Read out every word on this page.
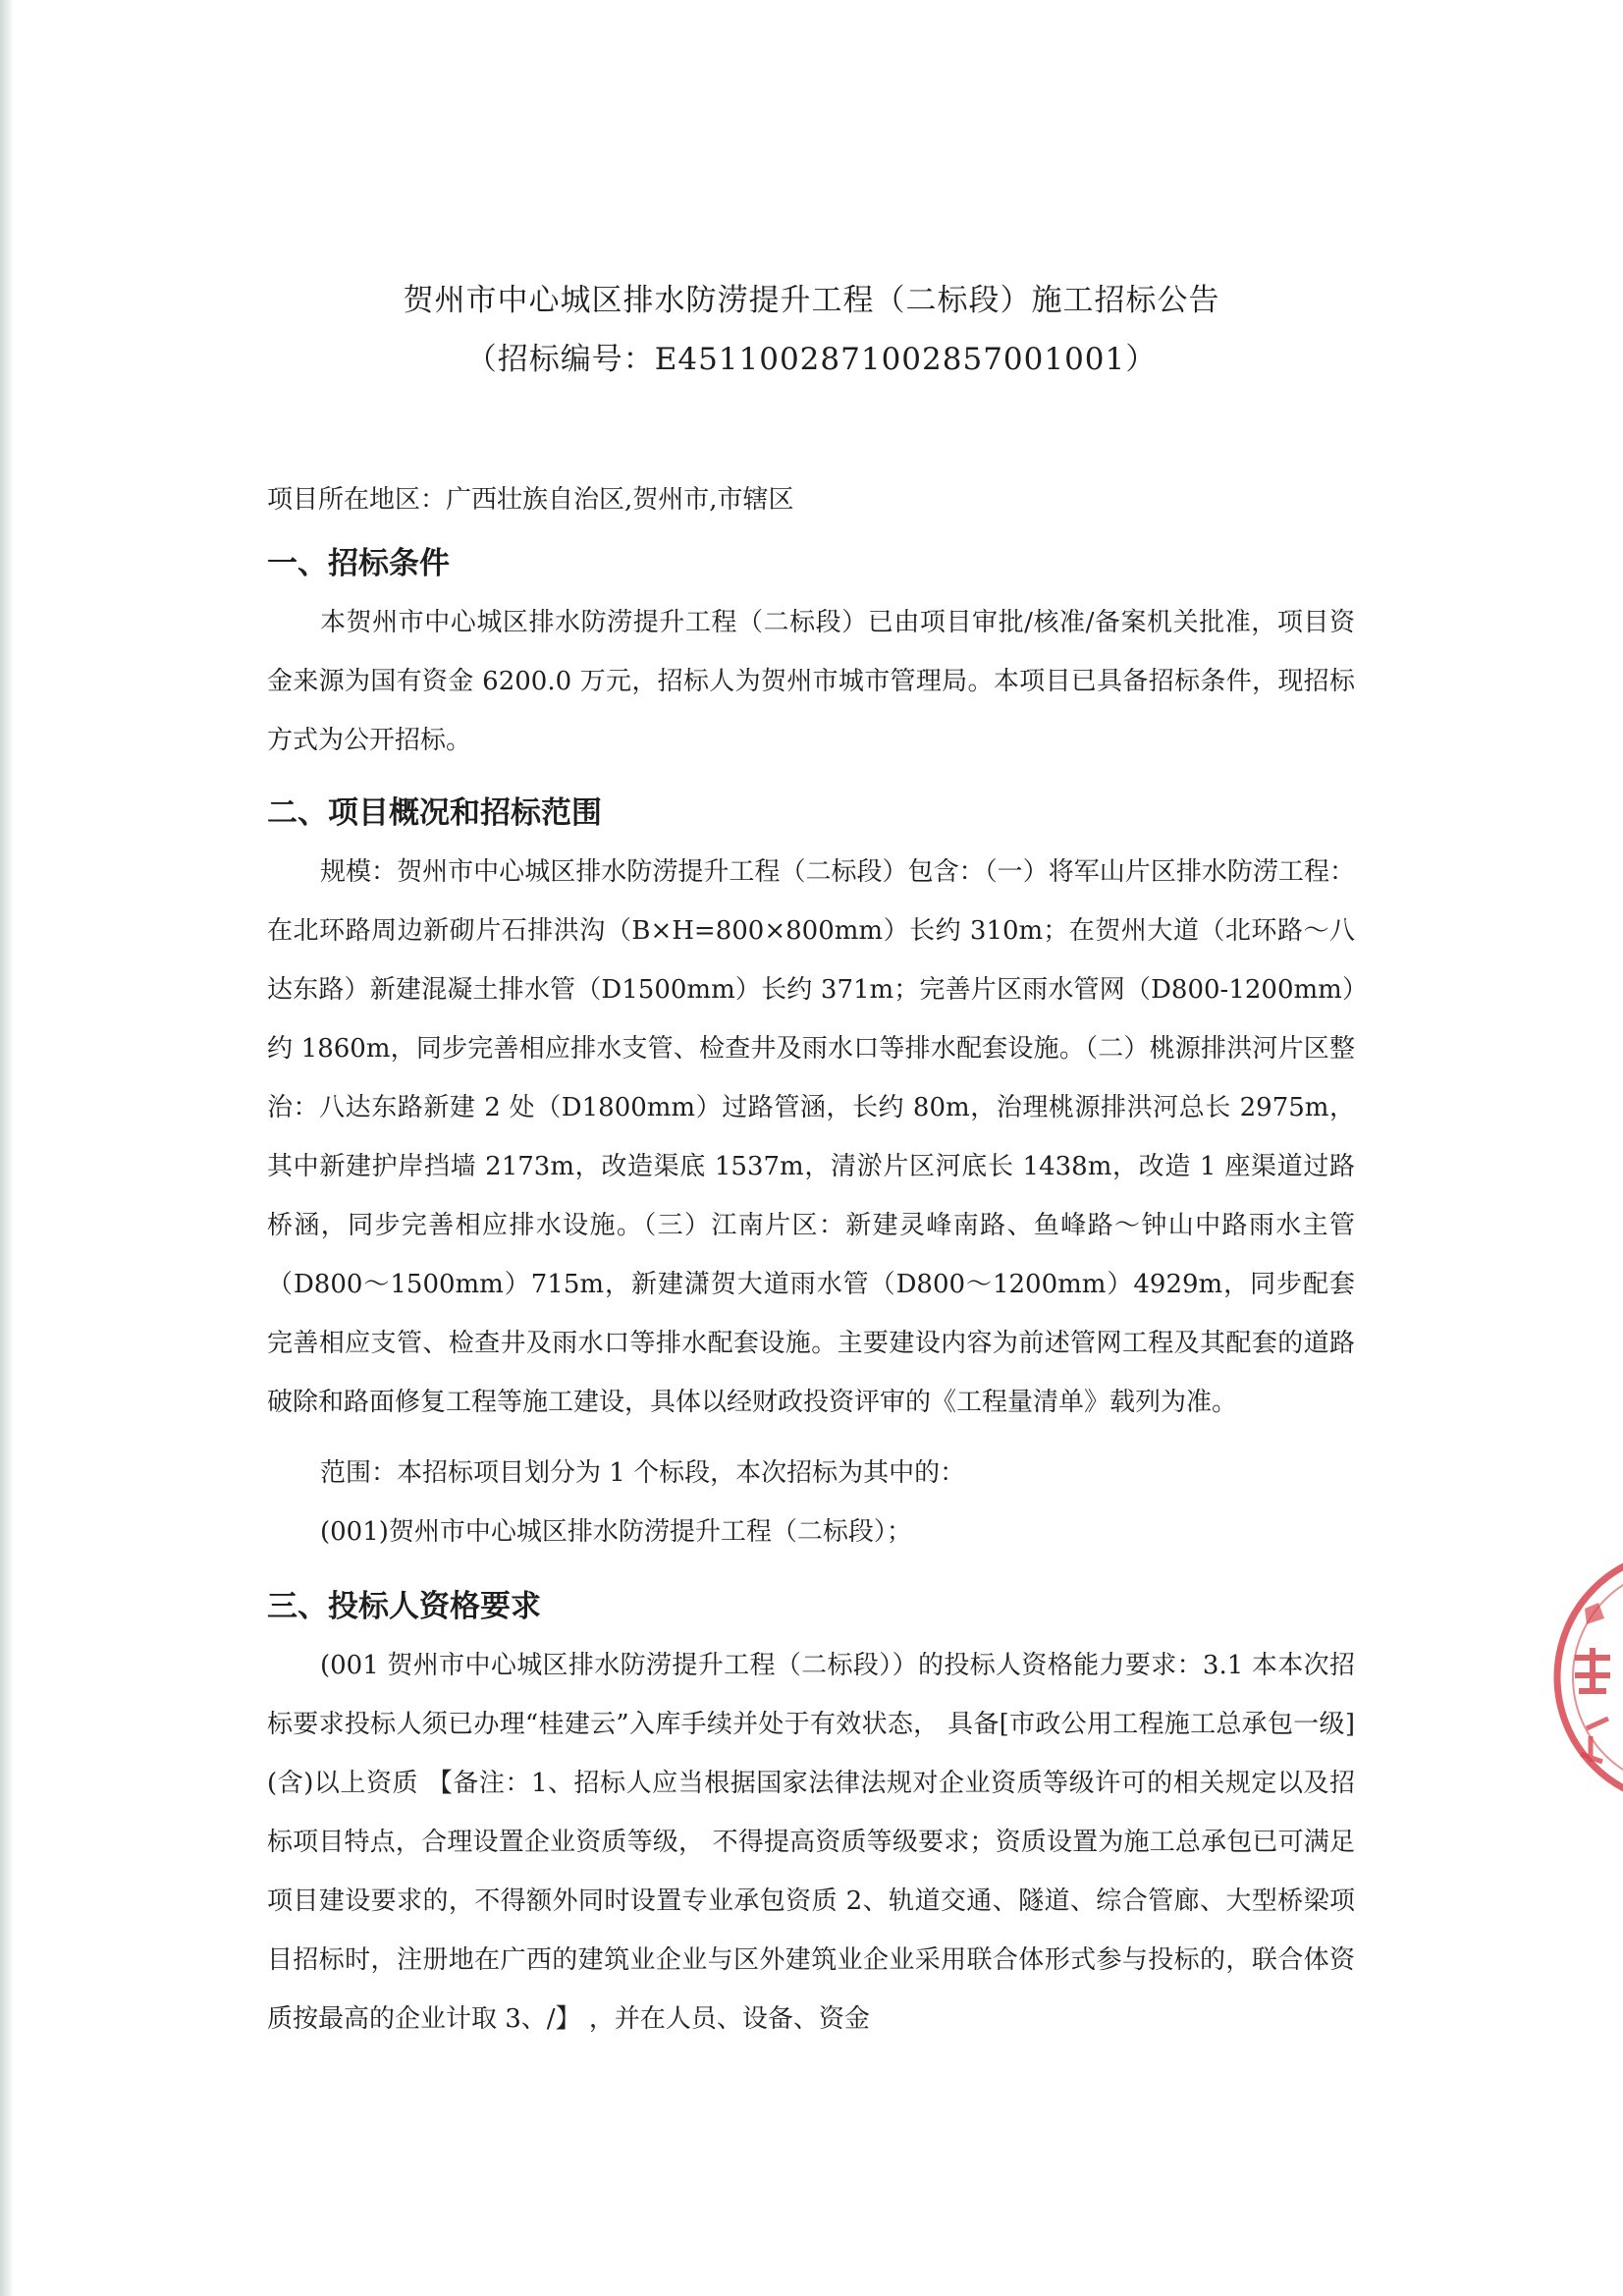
贺州市中心城区排水防涝提升工程（二标段）施工招标公告
（招标编号：E4511002871002857001001）
项目所在地区：广西壮族自治区,贺州市,市辖区
一、招标条件

本贺州市中心城区排水防涝提升工程（二标段）已由项目审批/核准/备案机关批准，项目资金来源为国有资金 6200.0 万元，招标人为贺州市城市管理局。本项目已具备招标条件，现招标方式为公开招标。

二、项目概况和招标范围

规模：贺州市中心城区排水防涝提升工程（二标段）包含：（一）将军山片区排水防涝工程：在北环路周边新砌片石排洪沟（B×H=800×800mm）长约 310m；在贺州大道（北环路～八达东路）新建混凝土排水管（D1500mm）长约 371m；完善片区雨水管网（D800-1200mm）约 1860m，同步完善相应排水支管、检查井及雨水口等排水配套设施。（二）桃源排洪河片区整治：八达东路新建 2 处（D1800mm）过路管涵，长约 80m，治理桃源排洪河总长 2975m，其中新建护岸挡墙 2173m，改造渠底 1537m，清淤片区河底长 1438m，改造 1 座渠道过路桥涵，同步完善相应排水设施。（三）江南片区：新建灵峰南路、鱼峰路～钟山中路雨水主管（D800～1500mm）715m，新建潇贺大道雨水管（D800～1200mm）4929m，同步配套完善相应支管、检查井及雨水口等排水配套设施。主要建设内容为前述管网工程及其配套的道路破除和路面修复工程等施工建设，具体以经财政投资评审的《工程量清单》载列为准。

范围：本招标项目划分为 1 个标段，本次招标为其中的：

(001)贺州市中心城区排水防涝提升工程（二标段）；

三、投标人资格要求

(001 贺州市中心城区排水防涝提升工程（二标段））的投标人资格能力要求：3.1 本本次招标要求投标人须已办理“桂建云”入库手续并处于有效状态， 具备[市政公用工程施工总承包一级](含)以上资质 【备注：1、招标人应当根据国家法律法规对企业资质等级许可的相关规定以及招标项目特点，合理设置企业资质等级， 不得提高资质等级要求；资质设置为施工总承包已可满足项目建设要求的，不得额外同时设置专业承包资质 2、轨道交通、隧道、综合管廊、大型桥梁项目招标时，注册地在广西的建筑业企业与区外建筑业企业采用联合体形式参与投标的，联合体资质按最高的企业计取 3、/】 ，并在人员、设备、资金
